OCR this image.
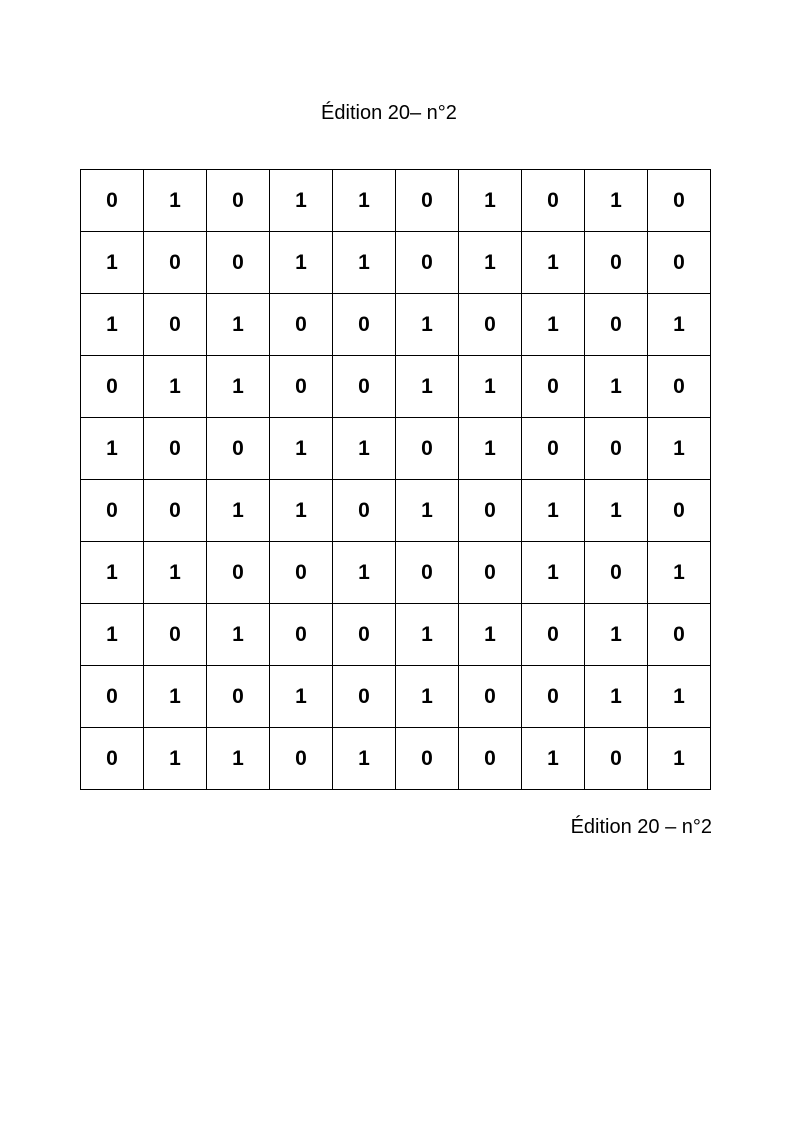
Édition 20– n°2
0	1	0	1	1	0	1	0	1	0
1	0	0	1	1	0	1	1	0	0
1	0	1	0	0	1	0	1	0	1
0	1	1	0	0	1	1	0	1	0
1	0	0	1	1	0	1	0	0	1
0	0	1	1	0	1	0	1	1	0
1	1	0	0	1	0	0	1	0	1
1	0	1	0	0	1	1	0	1	0
0	1	0	1	0	1	0	0	1	1
0	1	1	0	1	0	0	1	0	1
Édition 20 – n°2
